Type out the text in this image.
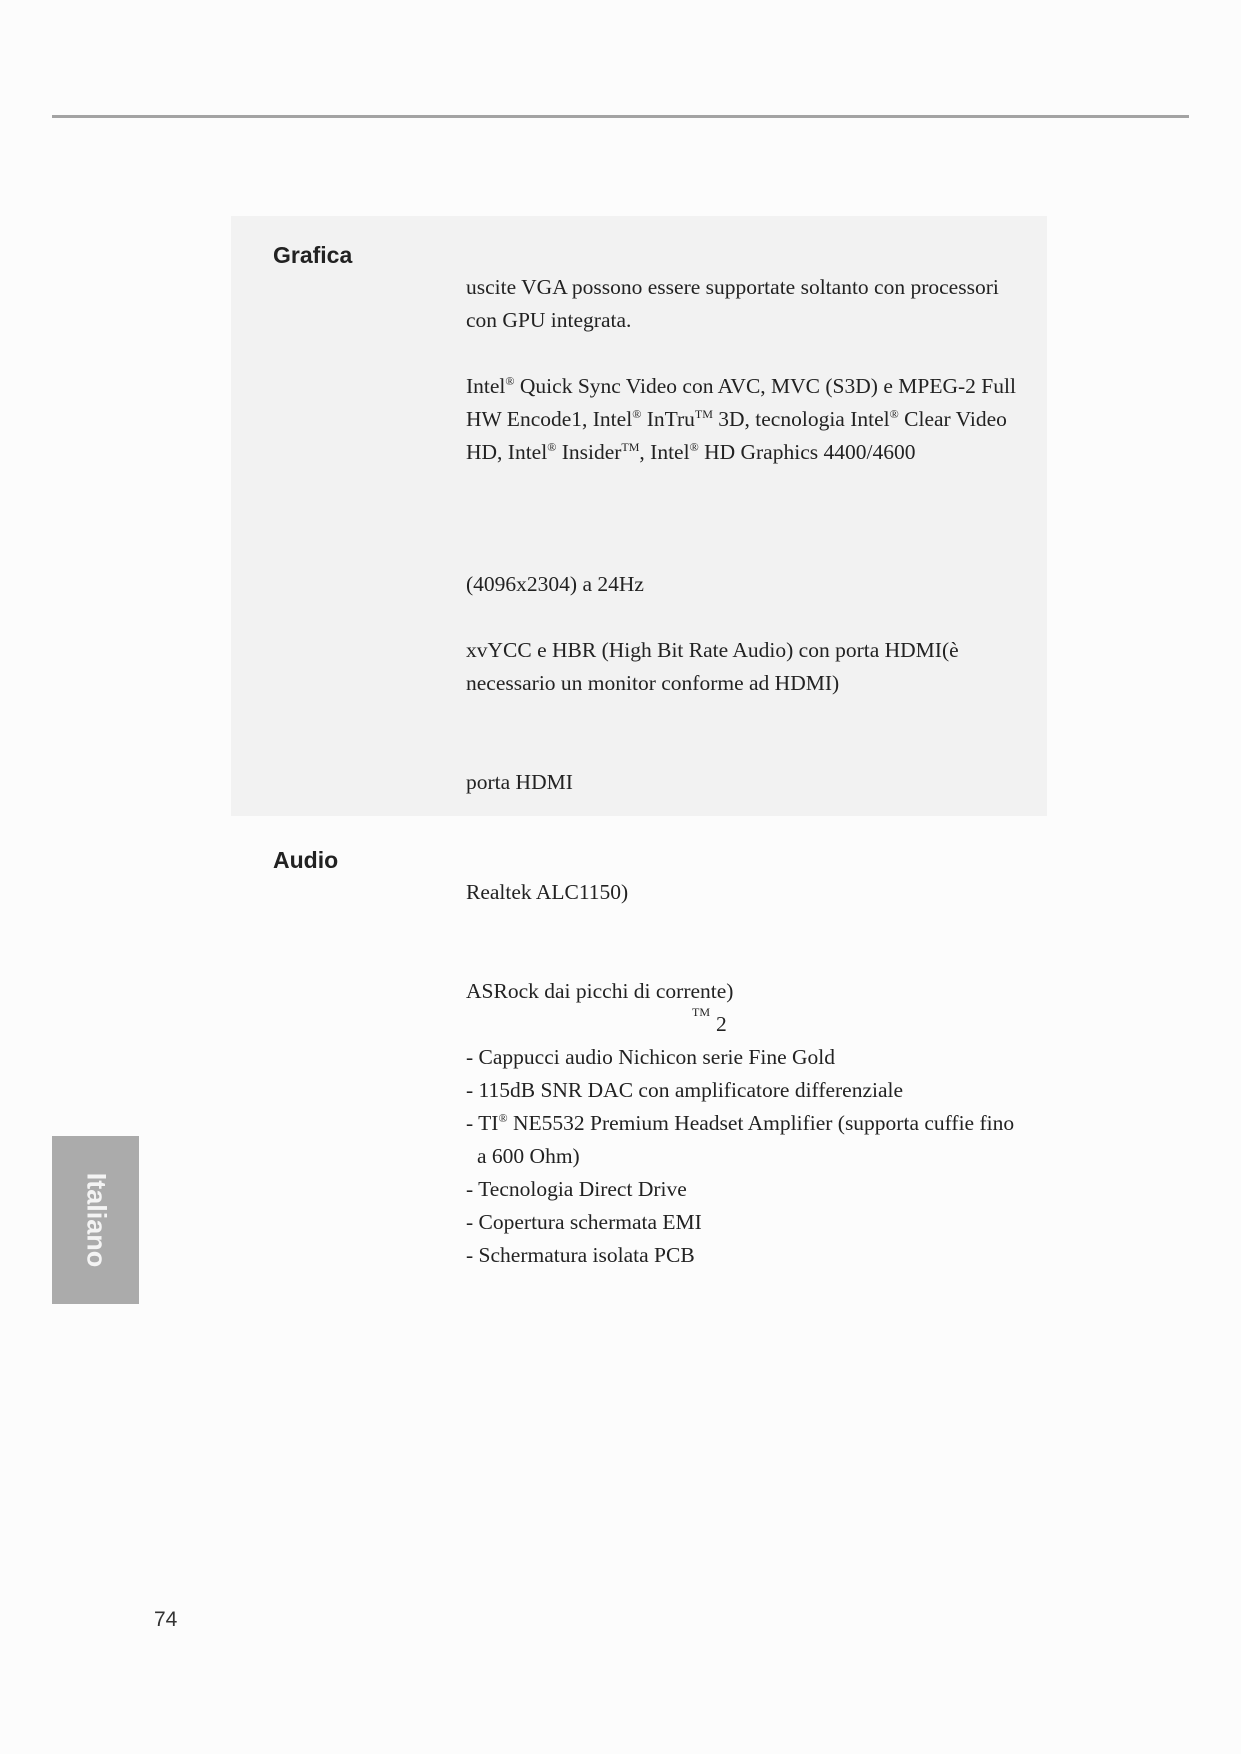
Grafica
uscite VGA possono essere supportate soltanto con processori
con GPU integrata.
Intel® Quick Sync Video con AVC, MVC (S3D) e MPEG-2 Full
HW Encode1, Intel® InTru™ 3D, tecnologia Intel® Clear Video
HD, Intel® Insider™, Intel® HD Graphics 4400/4600
(4096x2304) a 24Hz
xvYCC e HBR (High Bit Rate Audio) con porta HDMI(è
necessario un monitor conforme ad HDMI)
porta HDMI
Audio
Realtek ALC1150)
ASRock dai picchi di corrente)
TM 2
- Cappucci audio Nichicon serie Fine Gold
- 115dB SNR DAC con amplificatore differenziale
- TI® NE5532 Premium Headset Amplifier (supporta cuffie fino
a 600 Ohm)
- Tecnologia Direct Drive
- Copertura schermata EMI
- Schermatura isolata PCB
Italiano
74
